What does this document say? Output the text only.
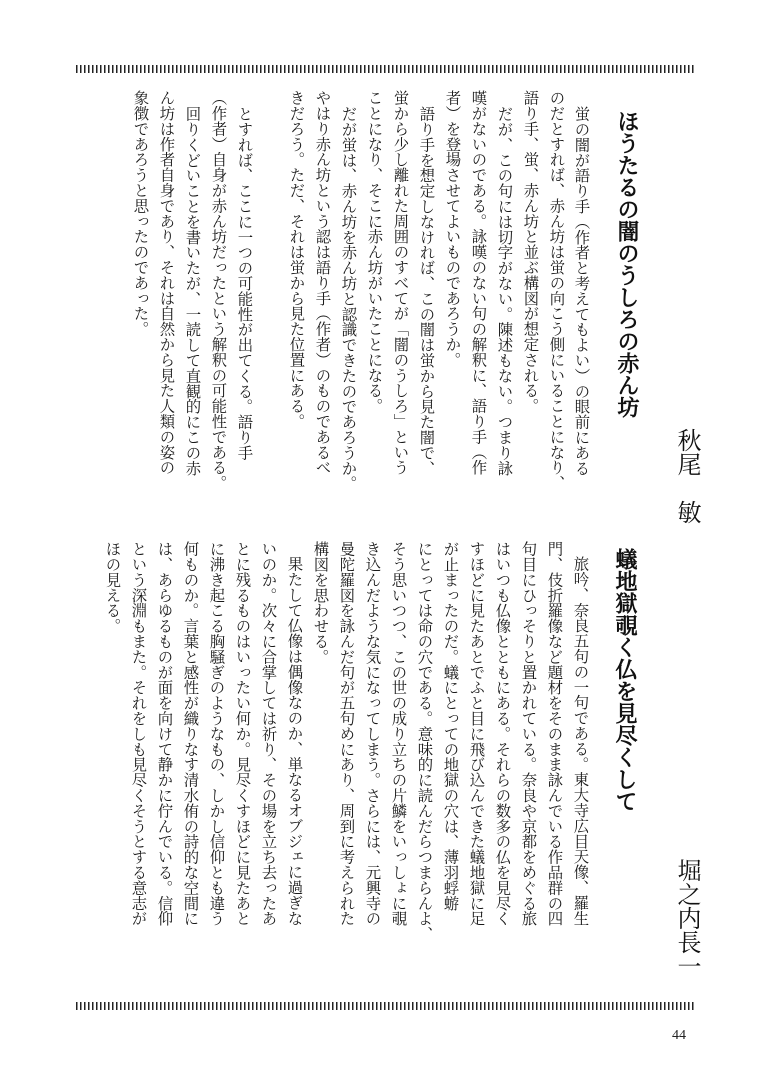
ほうたるの闇のうしろの赤ん坊
蛍の闇が語り手（作者と考えてもよい）の眼前にある
のだとすれば、赤ん坊は蛍の向こう側にいることになり、
語り手、蛍、赤ん坊と並ぶ構図が想定される。
だが、この句には切字がない。陳述もない。つまり詠
嘆がないのである。詠嘆のない句の解釈に、語り手（作
者）を登場させてよいものであろうか。
語り手を想定しなければ、この闇は蛍から見た闇で、
蛍から少し離れた周囲のすべてが「闇のうしろ」という
ことになり、そこに赤ん坊がいたことになる。
だが蛍は、赤ん坊を赤ん坊と認識できたのであろうか。
やはり赤ん坊という認は語り手（作者）のものであるべ
きだろう。ただ、それは蛍から見た位置にある。
とすれば、ここに一つの可能性が出てくる。語り手
（作者）自身が赤ん坊だったという解釈の可能性である。
回りくどいことを書いたが、一読して直観的にこの赤
ん坊は作者自身であり、それは自然から見た人類の姿の
象徴であろうと思ったのであった。
秋尾　敏
蟻地獄覗く仏を見尽くして
旅吟、奈良五句の一句である。東大寺広目天像、羅生
門、伎折羅像など題材をそのまま詠んでいる作品群の四
句目にひっそりと置かれている。奈良や京都をめぐる旅
はいつも仏像とともにある。それらの数多の仏を見尽く
すほどに見たあとでふと目に飛び込んできた蟻地獄に足
が止まったのだ。蟻にとっての地獄の穴は、薄羽蜉蝣
にとっては命の穴である。意味的に読んだらつまらんよ、
そう思いつつ、この世の成り立ちの片鱗をいっしょに覗
き込んだような気になってしまう。さらには、元興寺の
曼陀羅図を詠んだ句が五句めにあり、周到に考えられた
構図を思わせる。
果たして仏像は偶像なのか、単なるオブジェに過ぎな
いのか。次々に合掌しては祈り、その場を立ち去ったあ
とに残るものはいったい何か。見尽くすほどに見たあと
に沸き起こる胸騒ぎのようなもの、しかし信仰とも違う
何ものか。言葉と感性が織りなす清水侑の詩的な空間に
は、あらゆるものが面を向けて静かに佇んでいる。信仰
という深淵もまた。それをしも見尽くそうとする意志が
ほの見える。
堀之内長一
44
